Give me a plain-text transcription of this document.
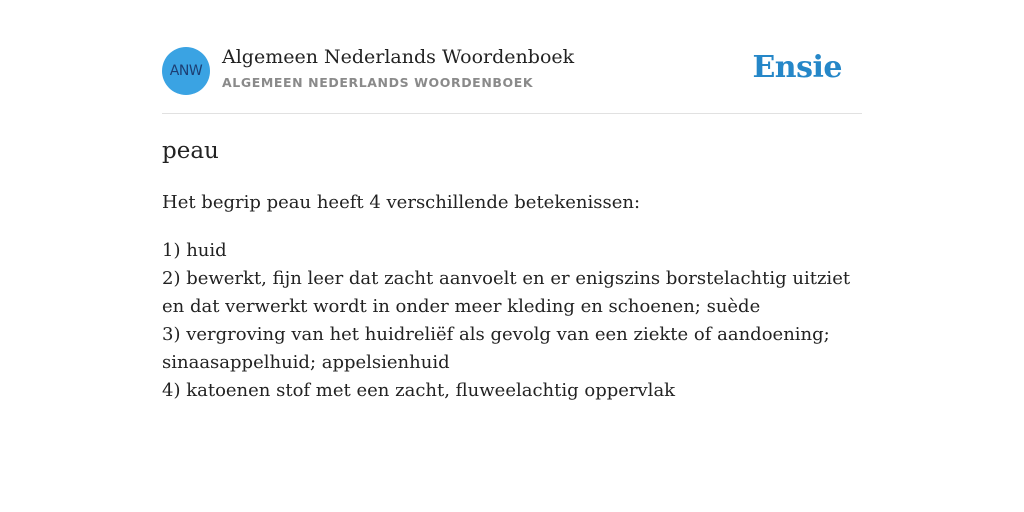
ANW
Algemeen Nederlands Woordenboek
ALGEMEEN NEDERLANDS WOORDENBOEK	Ensie
peau

Het begrip peau heeft 4 verschillende betekenissen:

1) huid
2) bewerkt, fijn leer dat zacht aanvoelt en er enigszins borstelachtig uitziet en dat verwerkt wordt in onder meer kleding en schoenen; suède
3) vergroving van het huidreliëf als gevolg van een ziekte of aandoening; sinaasappelhuid; appelsienhuid
4) katoenen stof met een zacht, fluweelachtig oppervlak
